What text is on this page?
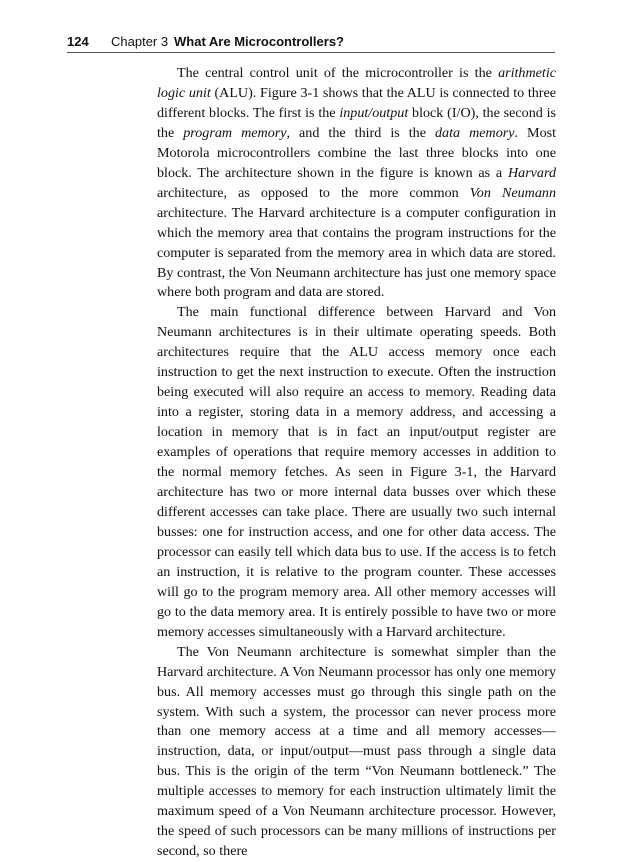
124 Chapter 3 What Are Microcontrollers?

The central control unit of the microcontroller is the arithmetic logic unit (ALU). Figure 3-1 shows that the ALU is connected to three different blocks. The first is the input/output block (I/O), the second is the program memory, and the third is the data memory. Most Motorola microcontrollers combine the last three blocks into one block. The architecture shown in the figure is known as a Harvard architecture, as opposed to the more common Von Neumann architecture. The Harvard architecture is a computer configuration in which the memory area that contains the program instructions for the computer is separated from the memory area in which data are stored. By contrast, the Von Neumann architecture has just one memory space where both program and data are stored.

The main functional difference between Harvard and Von Neumann architectures is in their ultimate operating speeds. Both architectures require that the ALU access memory once each instruction to get the next instruction to execute. Often the instruction being executed will also require an access to memory. Reading data into a register, storing data in a memory address, and accessing a location in memory that is in fact an input/output register are examples of operations that require memory accesses in addition to the normal memory fetches. As seen in Figure 3-1, the Harvard architecture has two or more internal data busses over which these different accesses can take place. There are usually two such internal busses: one for instruction access, and one for other data access. The processor can easily tell which data bus to use. If the access is to fetch an instruction, it is relative to the program counter. These accesses will go to the program memory area. All other memory accesses will go to the data memory area. It is entirely possible to have two or more memory accesses simultaneously with a Harvard architecture.

The Von Neumann architecture is somewhat simpler than the Harvard architecture. A Von Neumann processor has only one memory bus. All memory accesses must go through this single path on the system. With such a system, the processor can never process more than one memory access at a time and all memory accesses—instruction, data, or input/output—must pass through a single data bus. This is the origin of the term “Von Neumann bottleneck.” The multiple accesses to memory for each instruction ultimately limit the maximum speed of a Von Neumann architecture processor. However, the speed of such processors can be many millions of instructions per second, so there
